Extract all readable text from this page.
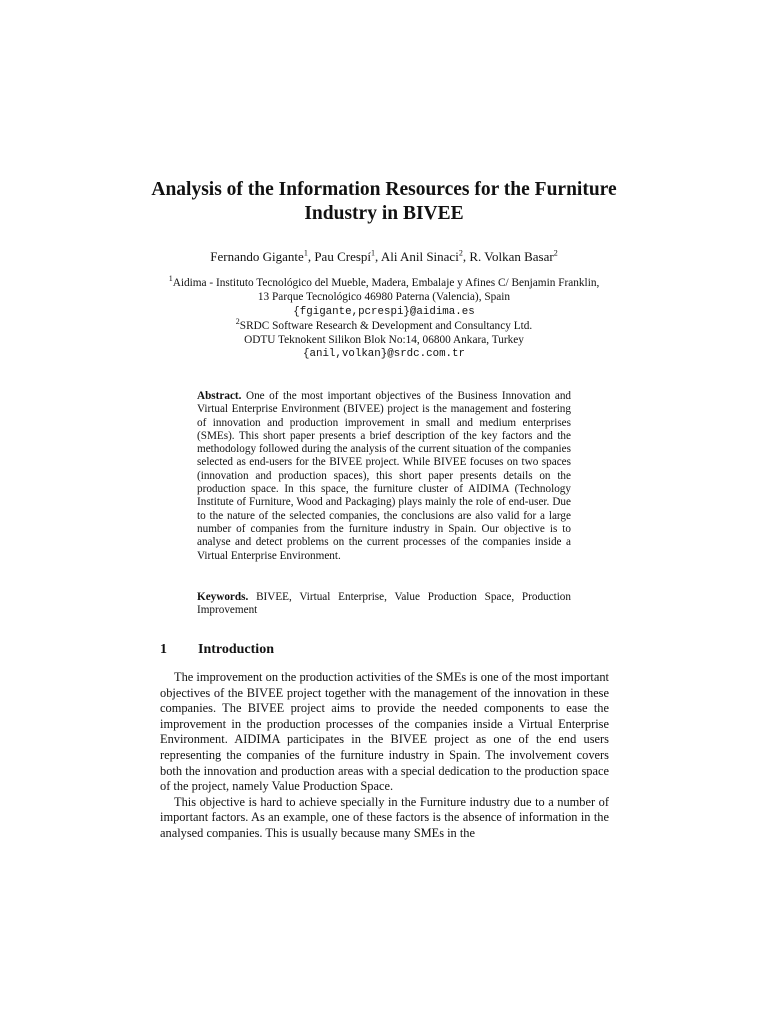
Analysis of the Information Resources for the Furniture Industry in BIVEE
Fernando Gigante$^1$, Pau Crespí$^1$, Ali Anil Sinaci$^2$, R. Volkan Basar$^2$
$^1$Aidima - Instituto Tecnológico del Mueble, Madera, Embalaje y Afines C/ Benjamin Franklin,
13 Parque Tecnológico 46980 Paterna (Valencia), Spain
{fgigante,pcrespi}@aidima.es
$^2$SRDC Software Research & Development and Consultancy Ltd.
ODTU Teknokent Silikon Blok No:14, 06800 Ankara, Turkey
{anil,volkan}@srdc.com.tr
Abstract. One of the most important objectives of the Business Innovation and Virtual Enterprise Environment (BIVEE) project is the management and fostering of innovation and production improvement in small and medium enterprises (SMEs). This short paper presents a brief description of the key factors and the methodology followed during the analysis of the current situation of the companies selected as end-users for the BIVEE project. While BIVEE focuses on two spaces (innovation and production spaces), this short paper presents details on the production space. In this space, the furniture cluster of AIDIMA (Technology Institute of Furniture, Wood and Packaging) plays mainly the role of end-user. Due to the nature of the selected companies, the conclusions are also valid for a large number of companies from the furniture industry in Spain. Our objective is to analyse and detect problems on the current processes of the companies inside a Virtual Enterprise Environment.
Keywords. BIVEE, Virtual Enterprise, Value Production Space, Production Improvement
1 Introduction

The improvement on the production activities of the SMEs is one of the most important objectives of the BIVEE project together with the management of the innovation in these companies. The BIVEE project aims to provide the needed components to ease the improvement in the production processes of the companies inside a Virtual Enterprise Environment. AIDIMA participates in the BIVEE project as one of the end users representing the companies of the furniture industry in Spain. The involvement covers both the innovation and production areas with a special dedication to the production space of the project, namely Value Production Space.

This objective is hard to achieve specially in the Furniture industry due to a number of important factors. As an example, one of these factors is the absence of information in the analysed companies. This is usually because many SMEs in the
